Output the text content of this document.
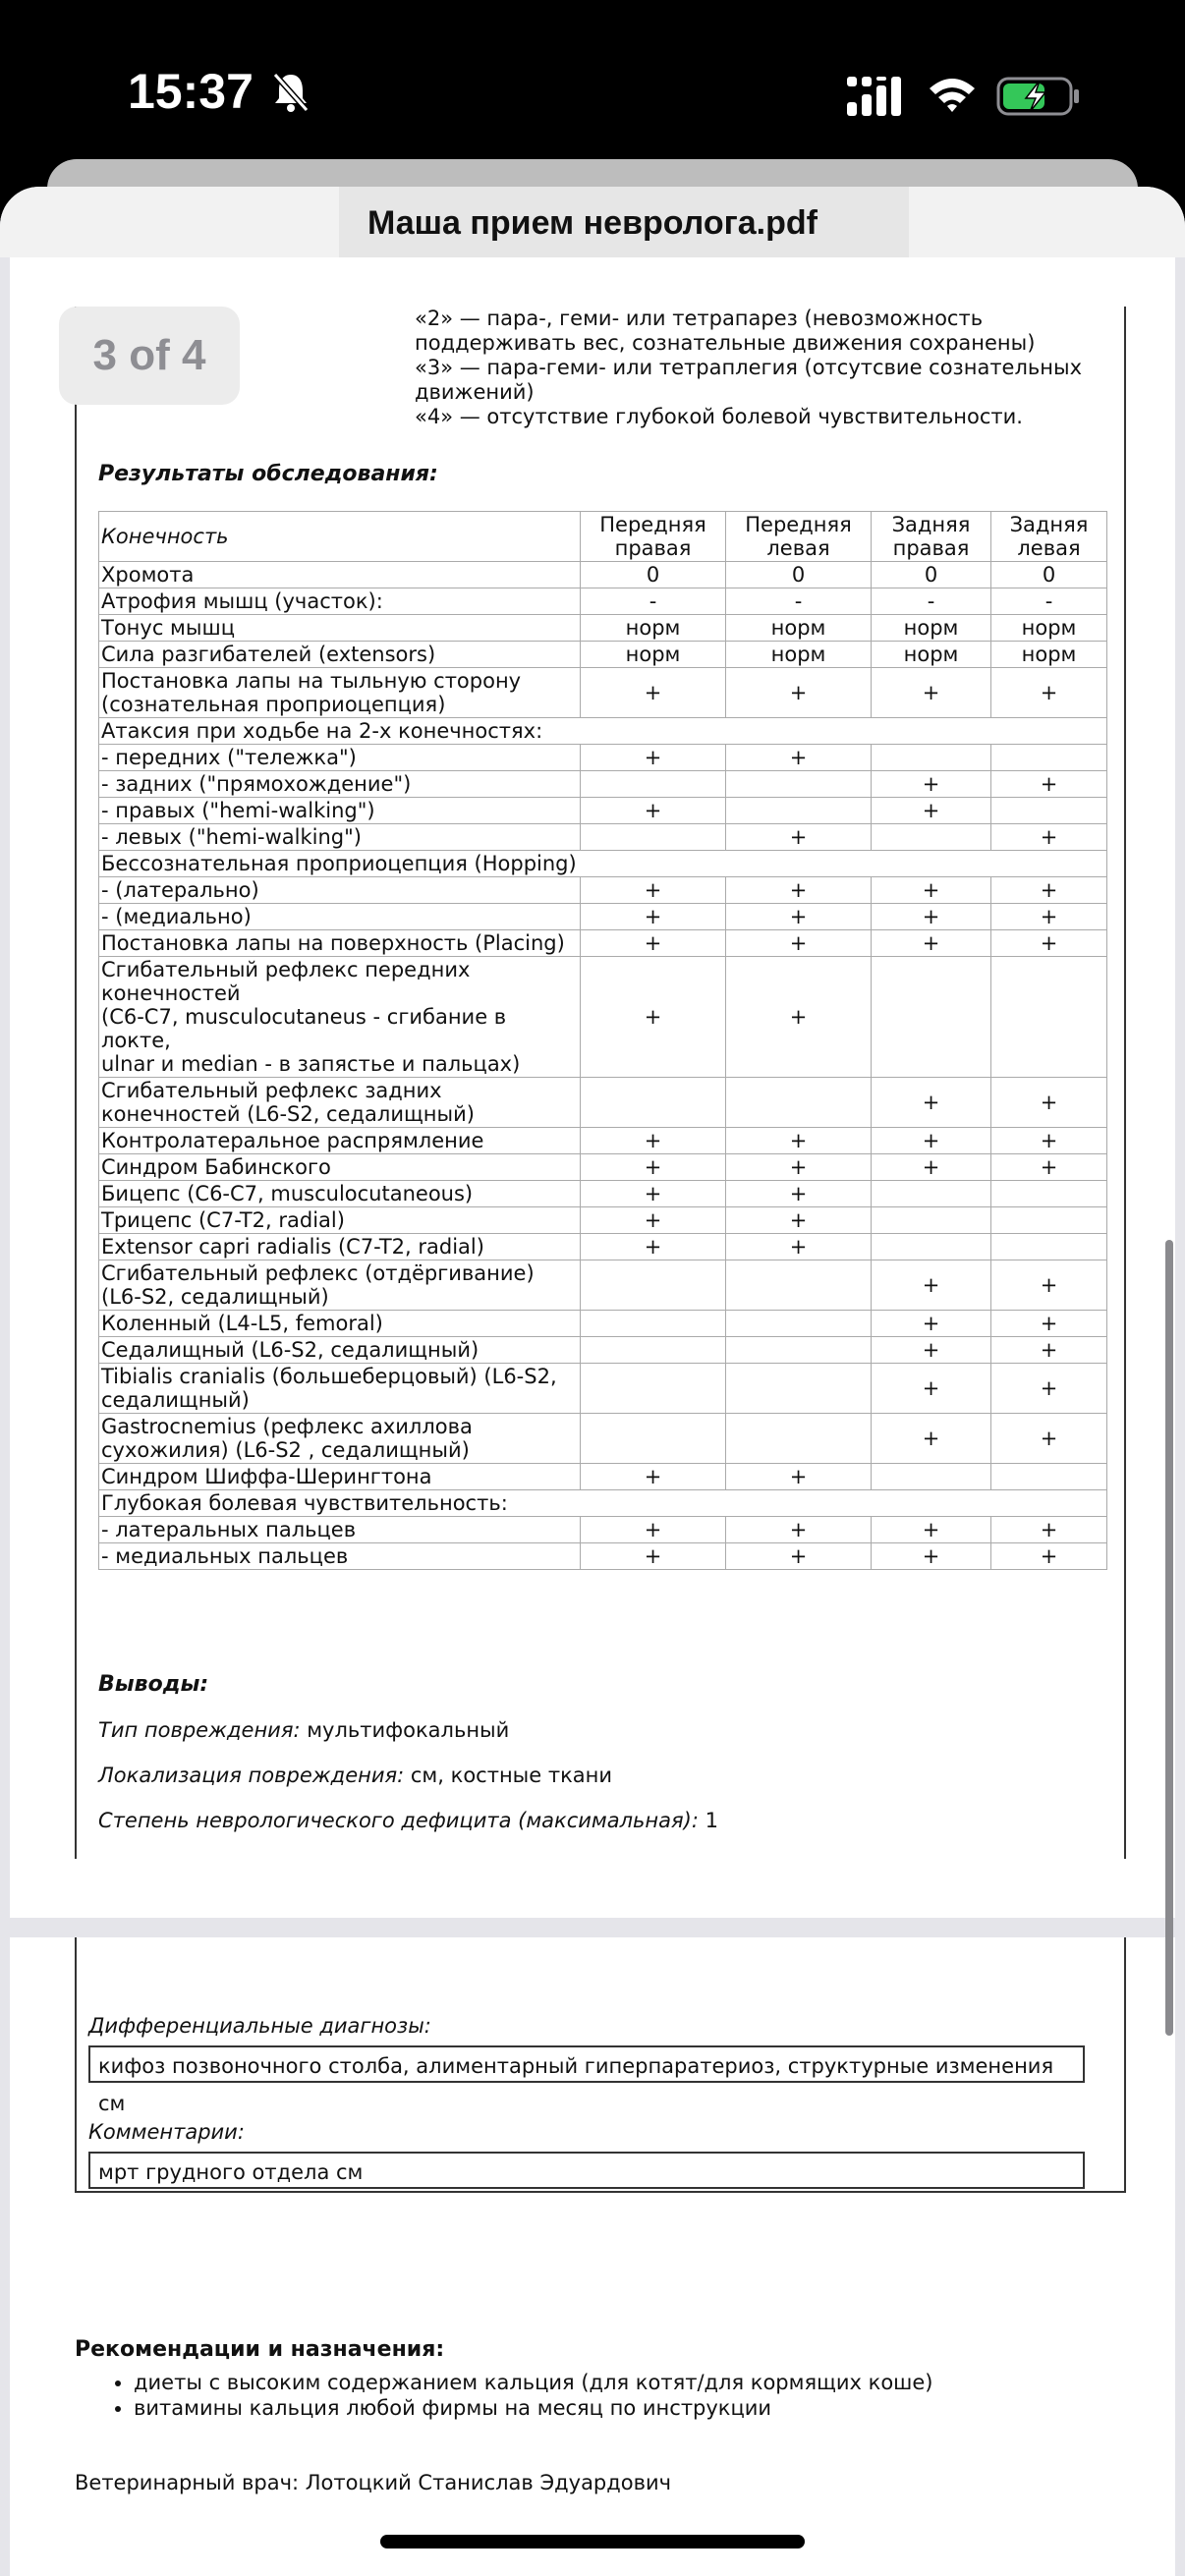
15:37
Маша прием невролога.pdf
«2» — пара-, геми- или тетрапарез (невозможность поддерживать вес, сознательные движения сохранены)
«3» — пара-геми- или тетраплегия (отсутсвие сознательных движений)
«4» — отсутствие глубокой болевой чувствительности.
Результаты обследования:
Конечность	Передняя правая	Передняя левая	Задняя правая	Задняя левая
Хромота	0	0	0	0
Атрофия мышц (участок):	-	-	-	-
Тонус мышц	норм	норм	норм	норм
Сила разгибателей (extensors)	норм	норм	норм	норм
Постановка лапы на тыльную сторону (сознательная проприоцепция)	+	+	+	+
Атаксия при ходьбе на 2-х конечностях:				
- передних ("тележка")	+	+		
- задних ("прямохождение")			+	+
- правых ("hemi-walking")	+		+	
- левых ("hemi-walking")		+		+
Бессознательная проприоцепция (Hopping)				
- (латерально)	+	+	+	+
- (медиально)	+	+	+	+
Постановка лапы на поверхность (Placing)	+	+	+	+
Сгибательный рефлекс передних конечностей
(C6-C7, musculocutaneus - сгибание в локте,
ulnar и median - в запястье и пальцах)	+	+		
Сгибательный рефлекс задних конечностей (L6-S2, седалищный)			+	+
Контролатеральное распрямление	+	+	+	+
Синдром Бабинского	+	+	+	+
Бицепс (C6-C7, musculocutaneous)	+	+		
Трицепс (C7-T2, radial)	+	+		
Extensor capri radialis (C7-T2, radial)	+	+		
Сгибательный рефлекс (отдёргивание) (L6-S2, седалищный)			+	+
Коленный (L4-L5, femoral)			+	+
Седалищный (L6-S2, седалищный)			+	+
Tibialis cranialis (большеберцовый) (L6-S2, седалищный)			+	+
Gastrocnemius (рефлекс ахиллова сухожилия) (L6-S2 , седалищный)			+	+
Синдром Шиффа-Шерингтона	+	+		
Глубокая болевая чувствительность:				
- латеральных пальцев	+	+	+	+
- медиальных пальцев	+	+	+	+
Выводы:
Тип повреждения: мультифокальный
Локализация повреждения: см, костные ткани
Степень неврологического дефицита (максимальная): 1
3 of 4
Дифференциальные диагнозы:
кифоз позвоночного столба, алиментарный гиперпаратериоз, структурные изменения см
Комментарии:
мрт грудного отдела см
Рекомендации и назначения:
• диеты с высоким содержанием кальция (для котят/для кормящих коше)
• витамины кальция любой фирмы на месяц по инструкции
Ветеринарный врач: Лотоцкий Станислав Эдуардович
